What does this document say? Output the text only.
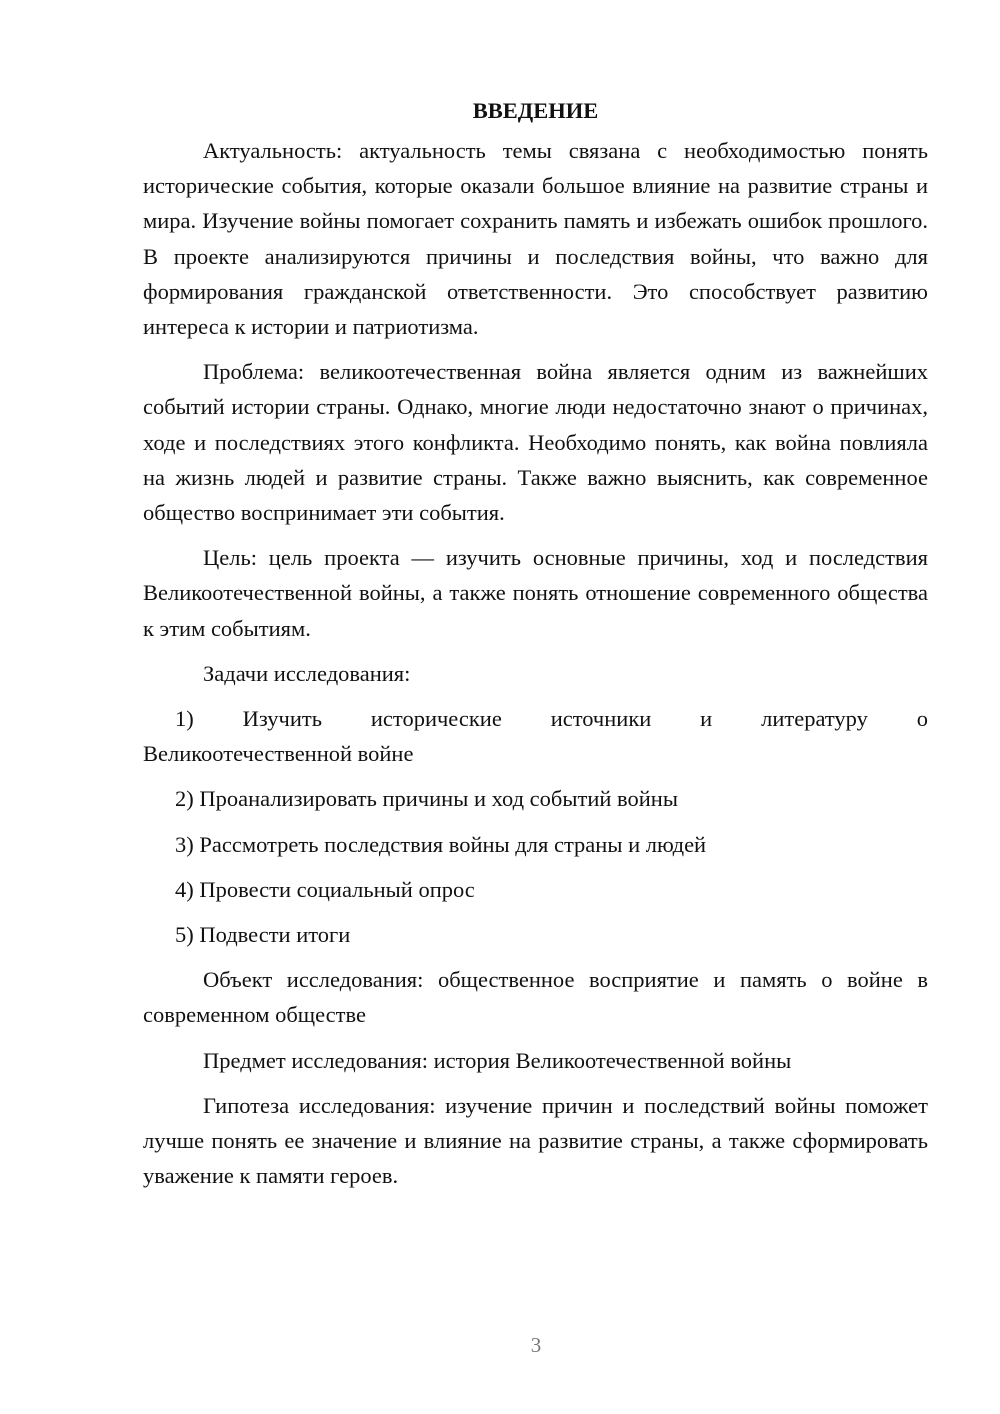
ВВЕДЕНИЕ

Актуальность: актуальность темы связана с необходимостью понять исторические события, которые оказали большое влияние на развитие страны и мира. Изучение войны помогает сохранить память и избежать ошибок прошлого. В проекте анализируются причины и последствия войны, что важно для формирования гражданской ответственности. Это способствует развитию интереса к истории и патриотизма.

Проблема: великоотечественная война является одним из важнейших событий истории страны. Однако, многие люди недостаточно знают о причинах, ходе и последствиях этого конфликта. Необходимо понять, как война повлияла на жизнь людей и развитие страны. Также важно выяснить, как современное общество воспринимает эти события.

Цель: цель проекта — изучить основные причины, ход и последствия Великоотечественной войны, а также понять отношение современного общества к этим событиям.

Задачи исследования:

1) Изучить исторические источники и литературу о
Великоотечественной войне
2) Проанализировать причины и ход событий войны
3) Рассмотреть последствия войны для страны и людей
4) Провести социальный опрос
5) Подвести итоги

Объект исследования: общественное восприятие и память о войне в современном обществе

Предмет исследования: история Великоотечественной войны

Гипотеза исследования: изучение причин и последствий войны поможет лучше понять ее значение и влияние на развитие страны, а также сформировать уважение к памяти героев.

3
